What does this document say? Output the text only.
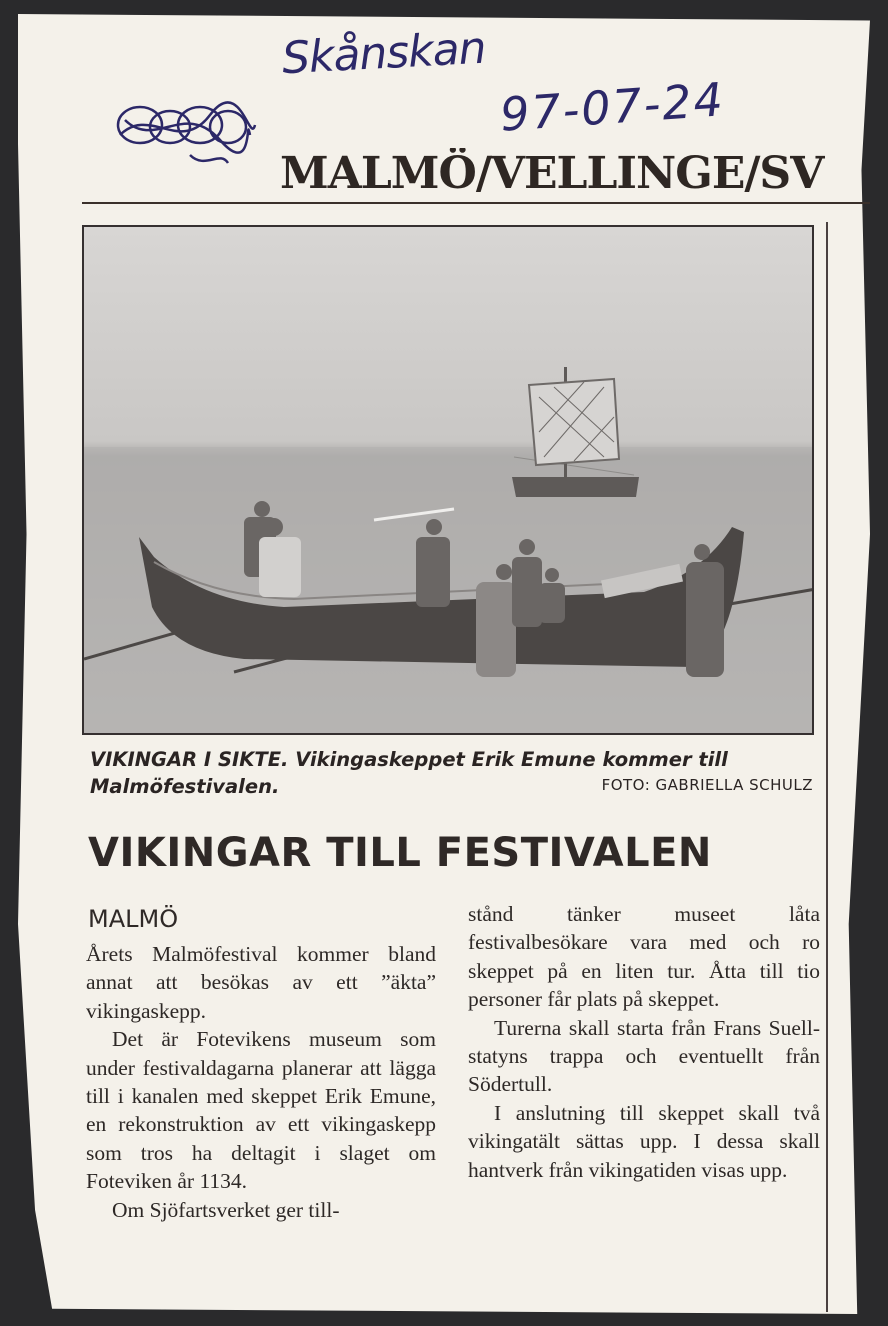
Skånskan
97-07-24
MALMÖ/VELLINGE/SV
VIKINGAR I SIKTE. Vikingaskeppet Erik Emune kommer till Malmöfestivalen.	FOTO: GABRIELLA SCHULZ
VIKINGAR TILL FESTIVALEN
MALMÖ

Årets Malmöfestival kommer bland annat att besökas av ett ”äkta” vikingaskepp.

Det är Fotevikens museum som under festivaldagarna planerar att lägga till i kanalen med skeppet Erik Emune, en rekonstruktion av ett vikingaskepp som tros ha deltagit i slaget om Foteviken år 1134.

Om Sjöfartsverket ger till-

stånd tänker museet låta festivalbesökare vara med och ro skeppet på en liten tur. Åtta till tio personer får plats på skeppet.

Turerna skall starta från Frans Suell-statyns trappa och eventuellt från Södertull.

I anslutning till skeppet skall två vikingatält sättas upp. I dessa skall hantverk från vikingatiden visas upp.
